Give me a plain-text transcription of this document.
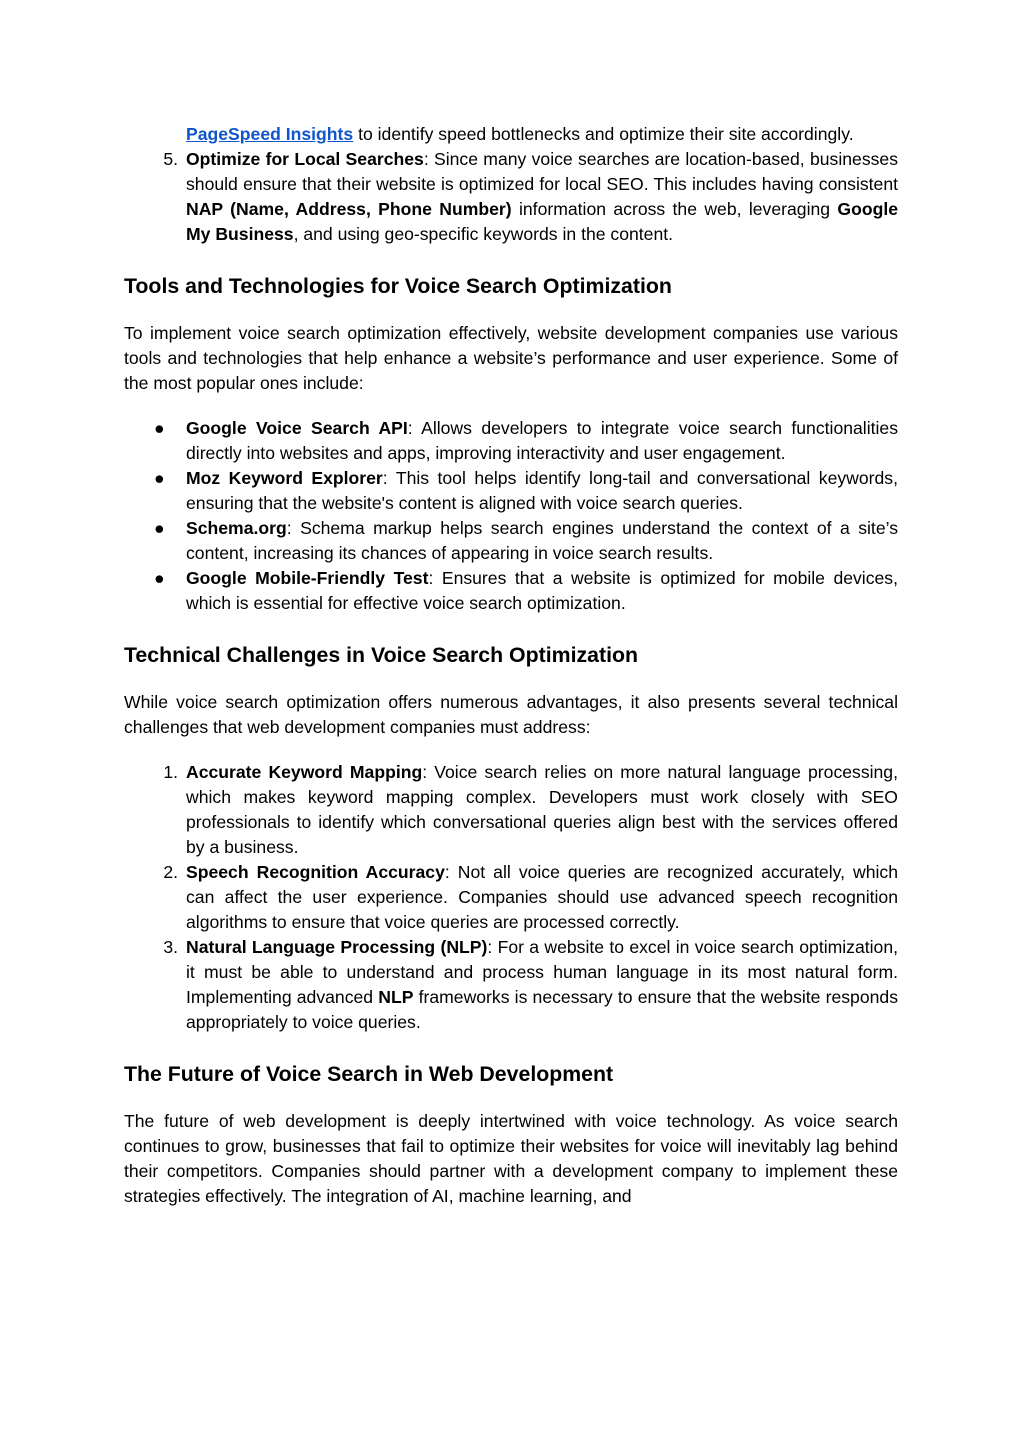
PageSpeed Insights to identify speed bottlenecks and optimize their site accordingly.
5. Optimize for Local Searches: Since many voice searches are location-based, businesses should ensure that their website is optimized for local SEO. This includes having consistent NAP (Name, Address, Phone Number) information across the web, leveraging Google My Business, and using geo-specific keywords in the content.
Tools and Technologies for Voice Search Optimization

To implement voice search optimization effectively, website development companies use various tools and technologies that help enhance a website’s performance and user experience. Some of the most popular ones include:

● Google Voice Search API: Allows developers to integrate voice search functionalities directly into websites and apps, improving interactivity and user engagement.
● Moz Keyword Explorer: This tool helps identify long-tail and conversational keywords, ensuring that the website's content is aligned with voice search queries.
● Schema.org: Schema markup helps search engines understand the context of a site’s content, increasing its chances of appearing in voice search results.
● Google Mobile-Friendly Test: Ensures that a website is optimized for mobile devices, which is essential for effective voice search optimization.
Technical Challenges in Voice Search Optimization

While voice search optimization offers numerous advantages, it also presents several technical challenges that web development companies must address:

1. Accurate Keyword Mapping: Voice search relies on more natural language processing, which makes keyword mapping complex. Developers must work closely with SEO professionals to identify which conversational queries align best with the services offered by a business.
2. Speech Recognition Accuracy: Not all voice queries are recognized accurately, which can affect the user experience. Companies should use advanced speech recognition algorithms to ensure that voice queries are processed correctly.
3. Natural Language Processing (NLP): For a website to excel in voice search optimization, it must be able to understand and process human language in its most natural form. Implementing advanced NLP frameworks is necessary to ensure that the website responds appropriately to voice queries.
The Future of Voice Search in Web Development

The future of web development is deeply intertwined with voice technology. As voice search continues to grow, businesses that fail to optimize their websites for voice will inevitably lag behind their competitors. Companies should partner with a development company to implement these strategies effectively. The integration of AI, machine learning, and
